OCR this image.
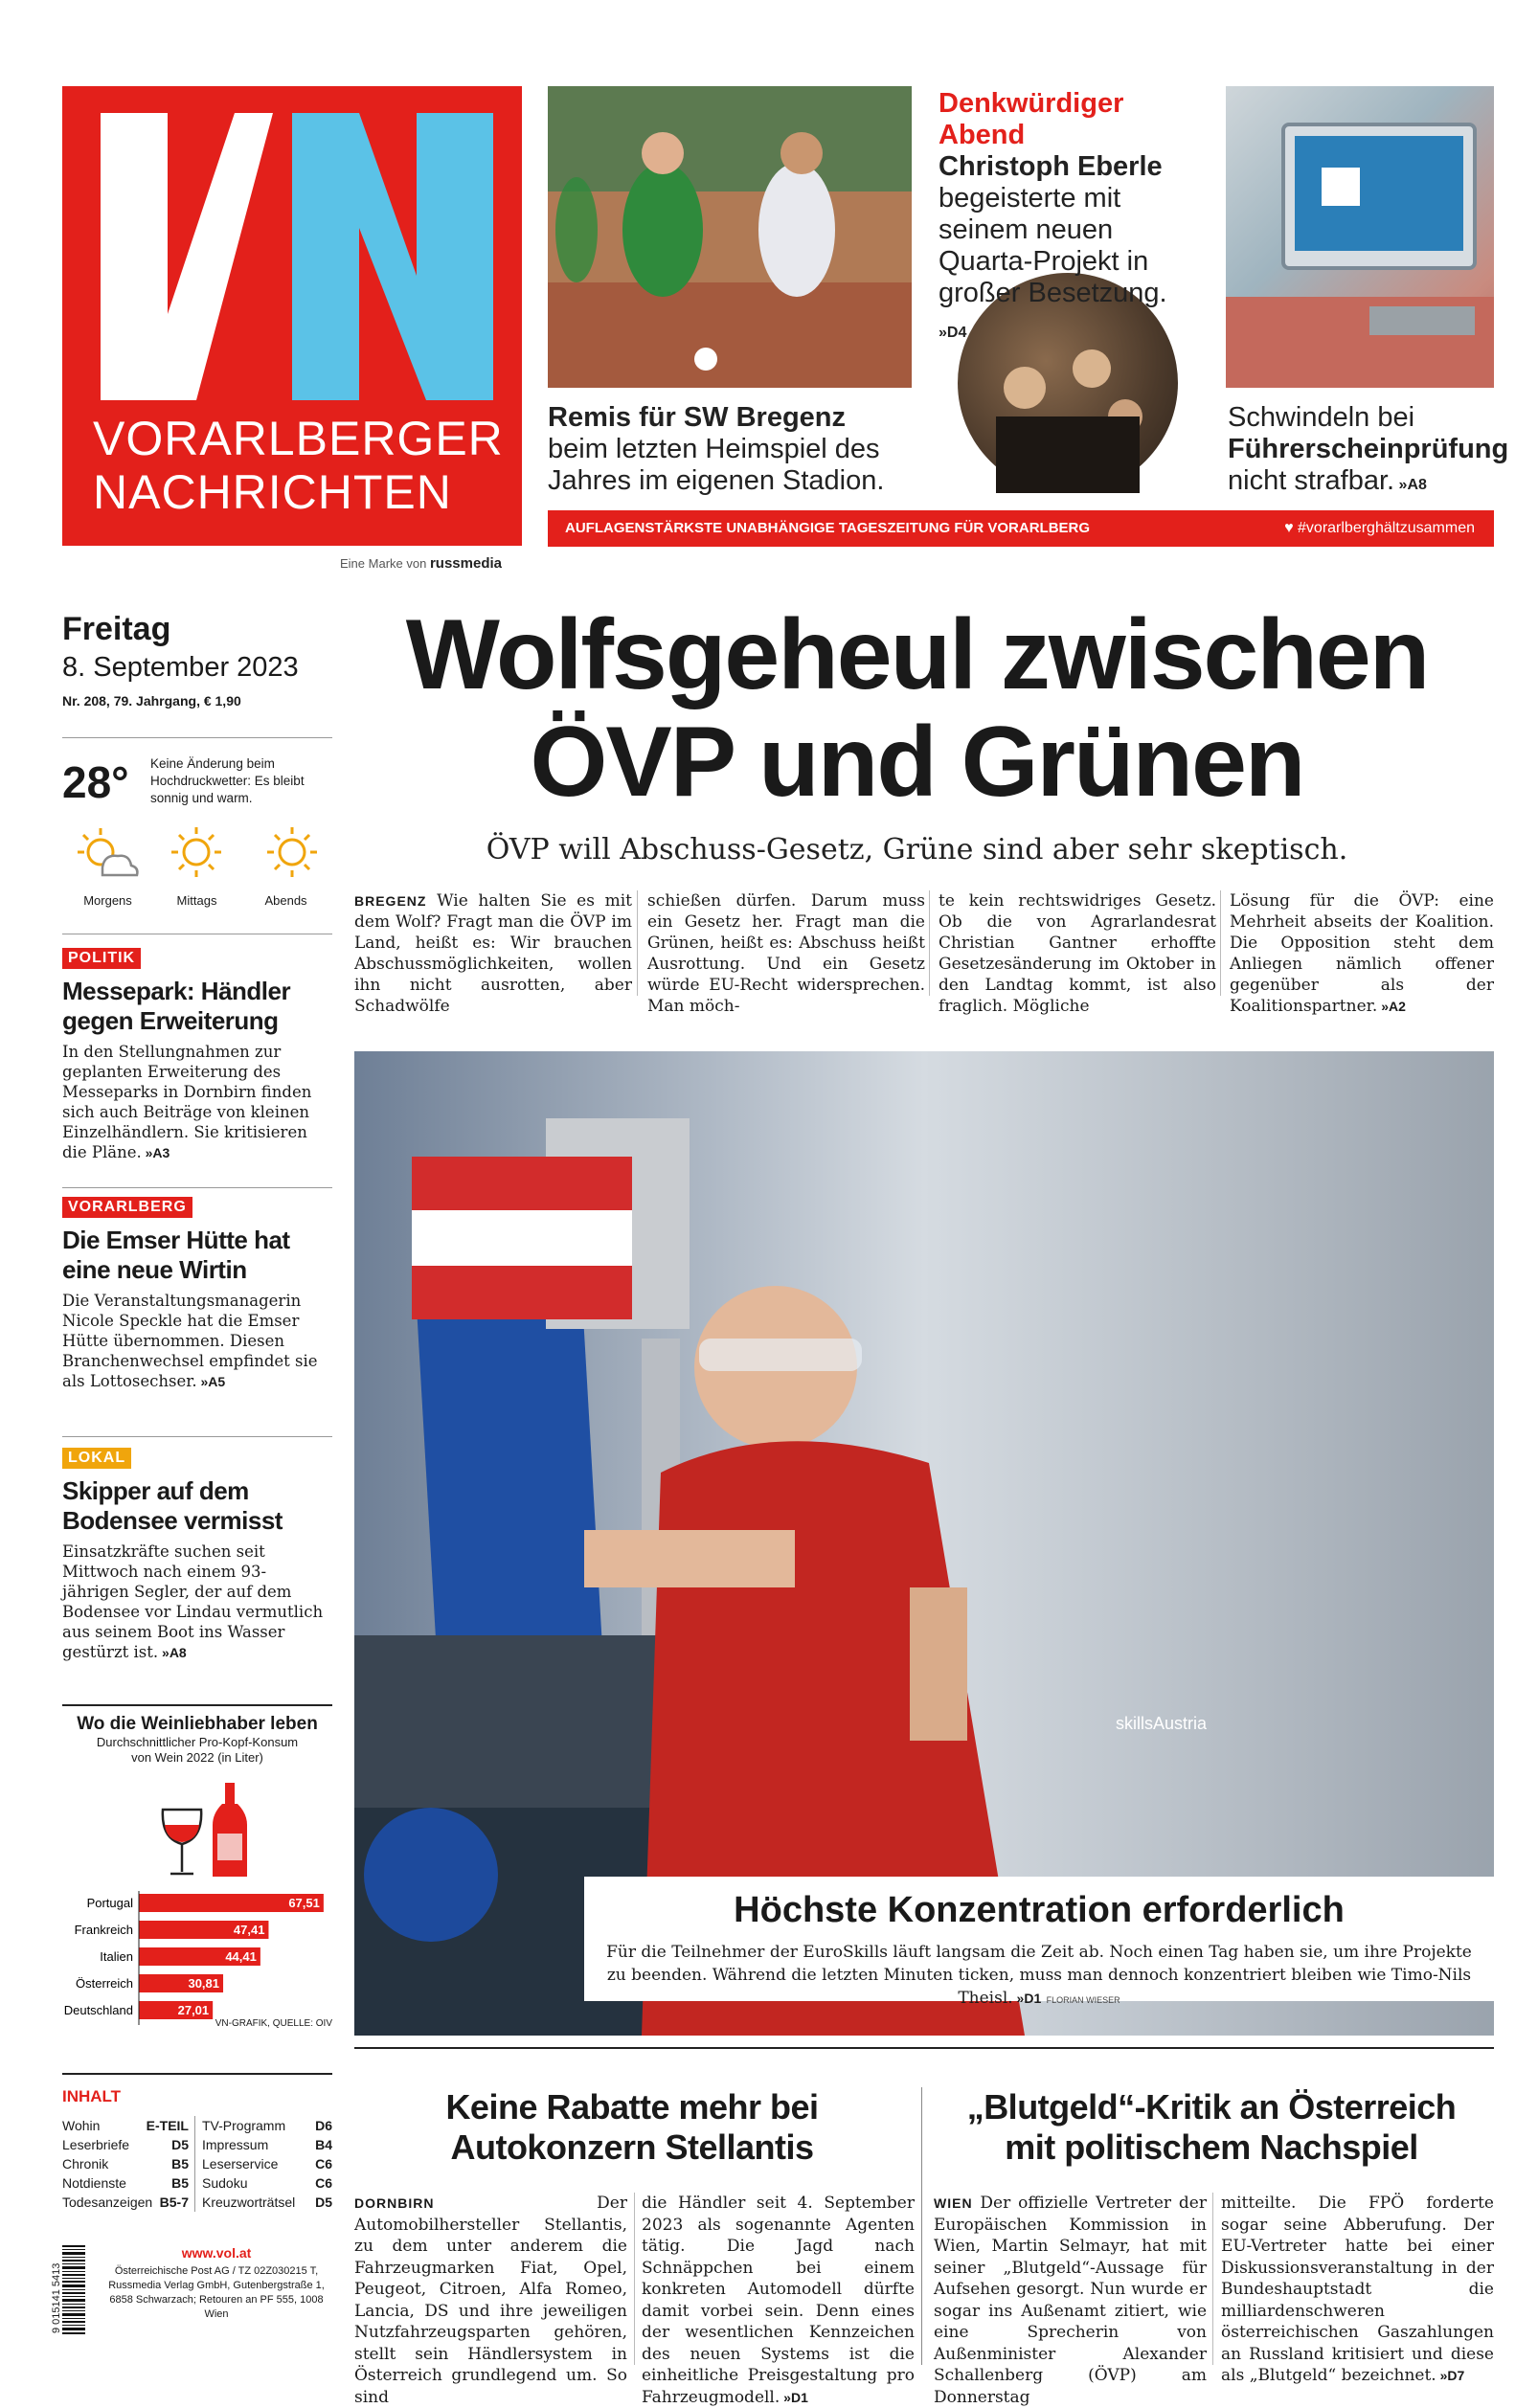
VORARLBERGER
NACHRICHTEN
Eine Marke von russmedia
Remis für SW Bregenz beim letzten Heimspiel des Jahres im eigenen Stadion.
Denkwürdiger Abend
Christoph Eberle begeisterte mit seinem neuen Quarta-Projekt in großer Besetzung. »D4
Schwindeln bei Führerscheinprüfung nicht strafbar. »A8
AUFLAGENSTÄRKSTE UNABHÄNGIGE TAGESZEITUNG FÜR VORARLBERG	♥ #vorarlberghältzusammen
Freitag
8. September 2023
Nr. 208, 79. Jahrgang, € 1,90
28° Keine Änderung beim Hochdruckwetter: Es bleibt sonnig und warm.
Morgens	Mittags	Abends
POLITIK
Messepark: Händler gegen Erweiterung
In den Stellungnahmen zur geplanten Erweiterung des Messeparks in Dornbirn finden sich auch Beiträge von kleinen Einzelhändlern. Sie kritisieren die Pläne. »A3
VORARLBERG
Die Emser Hütte hat eine neue Wirtin
Die Veranstaltungsmanagerin Nicole Speckle hat die Emser Hütte übernommen. Diesen Branchenwechsel empfindet sie als Lottosechser. »A5
LOKAL
Skipper auf dem Bodensee vermisst
Einsatzkräfte suchen seit Mittwoch nach einem 93-jährigen Segler, der auf dem Bodensee vor Lindau vermutlich aus seinem Boot ins Wasser gestürzt ist. »A8
Wo die Weinliebhaber leben
Durchschnittlicher Pro-Kopf-Konsum von Wein 2022 (in Liter)
Portugal	67,51
Frankreich	47,41
Italien	44,41
Österreich	30,81
Deutschland	27,01
VN-GRAFIK, QUELLE: OIV
INHALT
Wohin	E-TEIL
Leserbriefe	D5
Chronik	B5
Notdienste	B5
Todesanzeigen B5-7
TV-Programm D6
Impressum	B4
Leserservice	C6
Sudoku	C6
Kreuzworträtsel D5
9 015141 5413
www.vol.at
Österreichische Post AG / TZ 02Z030215 T, Russmedia Verlag GmbH, Gutenbergstraße 1, 6858 Schwarzach; Retouren an PF 555, 1008 Wien
Wolfsgeheul zwischen
ÖVP und Grünen
ÖVP will Abschuss-Gesetz, Grüne sind aber sehr skeptisch.
BREGENZ Wie halten Sie es mit dem Wolf? Fragt man die ÖVP im Land, heißt es: Wir brauchen Abschussmöglichkeiten, wollen ihn nicht ausrotten, aber Schadwölfe
schießen dürfen. Darum muss ein Gesetz her. Fragt man die Grünen, heißt es: Abschuss heißt Ausrottung. Und ein Gesetz würde EU-Recht widersprechen. Man möch-
te kein rechtswidriges Gesetz. Ob die von Agrarlandesrat Christian Gantner erhoffte Gesetzesänderung im Oktober in den Landtag kommt, ist also fraglich. Mögliche
Lösung für die ÖVP: eine Mehrheit abseits der Koalition. Die Opposition steht dem Anliegen nämlich offener gegenüber als der Koalitionspartner. »A2
Höchste Konzentration erforderlich
Für die Teilnehmer der EuroSkills läuft langsam die Zeit ab. Noch einen Tag haben sie, um ihre Projekte zu beenden. Während die letzten Minuten ticken, muss man dennoch konzentriert bleiben wie Timo-Nils Theisl. »D1 FLORIAN WIESER
skillsAustria
Keine Rabatte mehr bei
Autokonzern Stellantis
DORNBIRN Der Automobilhersteller Stellantis, zu dem unter anderem die Fahrzeugmarken Fiat, Opel, Peugeot, Citroen, Alfa Romeo, Lancia, DS und ihre jeweiligen Nutzfahrzeugsparten gehören, stellt sein Händlersystem in Österreich grundlegend um. So sind
die Händler seit 4. September 2023 als sogenannte Agenten tätig. Die Jagd nach Schnäppchen bei einem konkreten Automodell dürfte damit vorbei sein. Denn eines der wesentlichen Kennzeichen des neuen Systems ist die einheitliche Preisgestaltung pro Fahrzeugmodell. »D1
„Blutgeld“-Kritik an Österreich
mit politischem Nachspiel
WIEN Der offizielle Vertreter der Europäischen Kommission in Wien, Martin Selmayr, hat mit seiner „Blutgeld“-Aussage für Aufsehen gesorgt. Nun wurde er sogar ins Außenamt zitiert, wie eine Sprecherin von Außenminister Alexander Schallenberg (ÖVP) am Donnerstag
mitteilte. Die FPÖ forderte sogar seine Abberufung. Der EU-Vertreter hatte bei einer Diskussionsveranstaltung in der Bundeshauptstadt die milliardenschweren österreichischen Gaszahlungen an Russland kritisiert und diese als „Blutgeld“ bezeichnet. »D7
